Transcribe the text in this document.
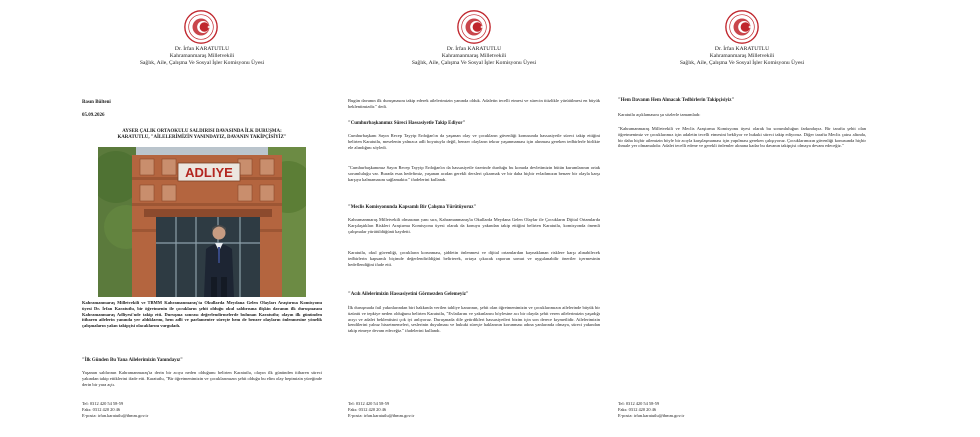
Dr. İrfan KARATUTLU
Kahramanmaraş Milletvekili
Sağlık, Aile, Çalışma Ve Sosyal İşler Komisyonu Üyesi
Basın Bülteni
05.09.2026
AYSER ÇALIK ORTAOKULU SALDIRISI DAVASINDA İLK DURUŞMA:
KARATUTLU, "AİLELERİMİZİN YANINDAYIZ, DAVANIN TAKİPÇİSİYİZ"
ADLIYE

Kahramanmaraş Milletvekili ve TBMM Kahramanmaraş'ta Okullarda Meydana Gelen Olayları Araştırma Komisyonu üyesi Dr. İrfan Karatutlu, bir öğretmenin ile çocukların şehit olduğu okul saldırısına ilişkin davanın ilk duruşmasını Kahramanmaraş Adliyesi'nde takip etti. Duruşma sonrası değerlendirmelerde bulunan Karatutlu; olayın ilk gününden itibaren ailelerin yanında yer aldıklarını, hem adli ve parlamenter süreçte hem de benzer olayların önlenmesine yönelik çalışmaların yakın takipçisi olacaklarını vurguladı.

"İlk Günden Bu Yana Ailelerimizin Yanındayız"

Yaşanan saldırının Kahramanmaraş'ta derin bir acıya neden olduğunu belirten Karatutlu, olayın ilk gününden itibaren süreci yakından takip ettiklerini ifade etti. Karatutlu, "Bir öğretmenimizin ve çocuklarımızın şehit olduğu bu elim olay hepimizin yüreğinde derin bir yara açtı.

Tel: 0312 420 54 58-59
Faks: 0312 420 20 46
E-posta: irfan.karatutlu@tbmm.gov.tr
Dr. İrfan KARATUTLU
Kahramanmaraş Milletvekili
Sağlık, Aile, Çalışma Ve Sosyal İşler Komisyonu Üyesi

Bugün davanın ilk duruşmasını takip ederek ailelerimizin yanında olduk. Adaletin tecelli etmesi ve sürecin titizlikle yürütülmesi en büyük beklentimizdir." dedi.

"Cumhurbaşkanımız Süreci Hassasiyetle Takip Ediyor"

Cumhurbaşkanı Sayın Recep Tayyip Erdoğan'ın da yaşanan olay ve çocukların güvenliği konusunda hassasiyetle süreci takip ettiğini belirten Karatutlu, meselenin yalnızca adli boyutuyla değil, benzer olayların tekrar yaşanmaması için alınması gereken tedbirlerle birlikte ele alındığını söyledi.

"Cumhurbaşkanımız Sayın Recep Tayyip Erdoğan'ın da hassasiyetle üzerinde durduğu bu konuda devletimizin bütün kurumlarının ortak sorumluluğu var. Burada esas hedefimiz, yaşanan acıdan gerekli dersleri çıkarmak ve bir daha hiçbir evladımızın benzer bir olayla karşı karşıya kalmamasını sağlamaktır." ifadelerini kullandı.

"Meclis Komisyonunda Kapsamlı Bir Çalışma Yürütüyoruz"

Kahramanmaraş Milletvekili olmasının yanı sıra, Kahramanmaraş'ta Okullarda Meydana Gelen Olaylar ile Çocukların Dijital Ortamlarda Karşılaştıkları Riskleri Araştırma Komisyonu üyesi olarak da konuyu yakından takip ettiğini belirten Karatutlu, komisyonda önemli çalışmalar yürütüldüğünü kaydetti.

Karatutlu, okul güvenliği, çocukların korunması, şiddetin önlenmesi ve dijital ortamlardan kaynaklanan risklere karşı alınabilecek tedbirlerin kapsamlı biçimde değerlendirildiğini belirterek, ortaya çıkacak raporun somut ve uygulanabilir öneriler içermesinin hedeflendiğini ifade etti.

"Acılı Ailelerimizin Hassasiyetini Görmezden Gelemeyiz"

İlk duruşmada fail yakınlarından biri hakkında verilen tahliye kararının, şehit olan öğretmenimizin ve çocuklarımızın ailelerinde büyük bir üzüntü ve tepkiye neden olduğunu belirten Karatutlu, "Evlatlarını ve yakınlarını böylesine acı bir olayda şehit veren ailelerimizin yaşadığı acıyı ve adalet beklentisini çok iyi anlıyoruz. Duruşmada dile getirdikleri hassasiyetleri bizim için son derece kıymetlidir. Ailelerimizin kendilerini yalnız hissetmemeleri, seslerinin duyulması ve hukuki süreçte haklarının korunması adına yanlarında olmaya, süreci yakından takip etmeye devam edeceğiz." ifadelerini kullandı.

Tel: 0312 420 54 58-59
Faks: 0312 420 20 46
E-posta: irfan.karatutlu@tbmm.gov.tr
Dr. İrfan KARATUTLU
Kahramanmaraş Milletvekili
Sağlık, Aile, Çalışma Ve Sosyal İşler Komisyonu Üyesi
"Hem Davanın Hem Alınacak Tedbirlerin Takipçisiyiz"

Karatutlu açıklamasını şu sözlerle tamamladı:

"Kahramanmaraş Milletvekili ve Meclis Araştırma Komisyonu üyesi olarak bu sorumluluğun farkındayız. Bir tarafta şehit olan öğretmenimiz ve çocuklarımız için adaletin tecelli etmesini bekliyor ve hukuki süreci takip ediyoruz. Diğer tarafta Meclis çatısı altında, bir daha hiçbir ailemizin böyle bir acıyla karşılaşmaması için yapılması gereken çalışıyoruz. Çocuklarımızın güvenliği konusunda hiçbir ihmale yer olmamalıdır. Adalet tecelli edene ve gerekli önlemler alınana kadar bu davanın takipçisi olmaya devam edeceğiz."

Tel: 0312 420 54 58-59
Faks: 0312 420 20 46
E-posta: irfan.karatutlu@tbmm.gov.tr
